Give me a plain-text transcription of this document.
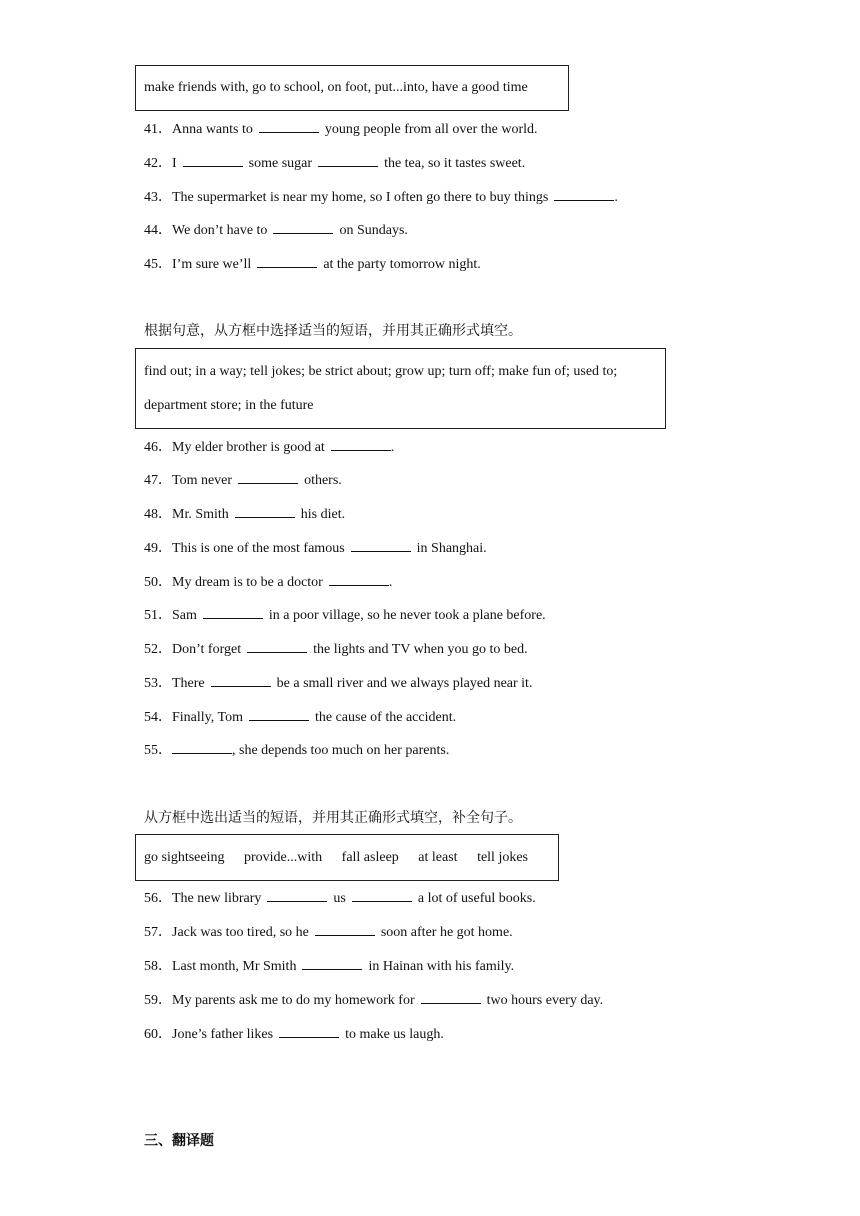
make friends with, go to school, on foot, put...into, have a good time
41．Anna wants to	young people from all over the world.
42．I	some sugar	the tea, so it tastes sweet.
43．The supermarket is near my home, so I often go there to buy things	.
44．We don’t have to	on Sundays.
45．I’m sure we’ll	at the party tomorrow night.
根据句意，从方框中选择适当的短语，并用其正确形式填空。
find out; in a way; tell jokes; be strict about; grow up; turn off; make fun of; used to;
department store; in the future
46．My elder brother is good at	.
47．Tom never	others.
48．Mr. Smith	his diet.
49．This is one of the most famous	in Shanghai.
50．My dream is to be a doctor	.
51．Sam	in a poor village, so he never took a plane before.
52．Don’t forget	the lights and TV when you go to bed.
53．There	be a small river and we always played near it.
54．Finally, Tom	the cause of the accident.
55．	, she depends too much on her parents.
从方框中选出适当的短语，并用其正确形式填空，补全句子。
go sightseeing provide...with fall asleep at least tell jokes
56．The new library	us	a lot of useful books.
57．Jack was too tired, so he	soon after he got home.
58．Last month, Mr Smith	in Hainan with his family.
59．My parents ask me to do my homework for	two hours every day.
60．Jone’s father likes	to make us laugh.
三、翻译题
